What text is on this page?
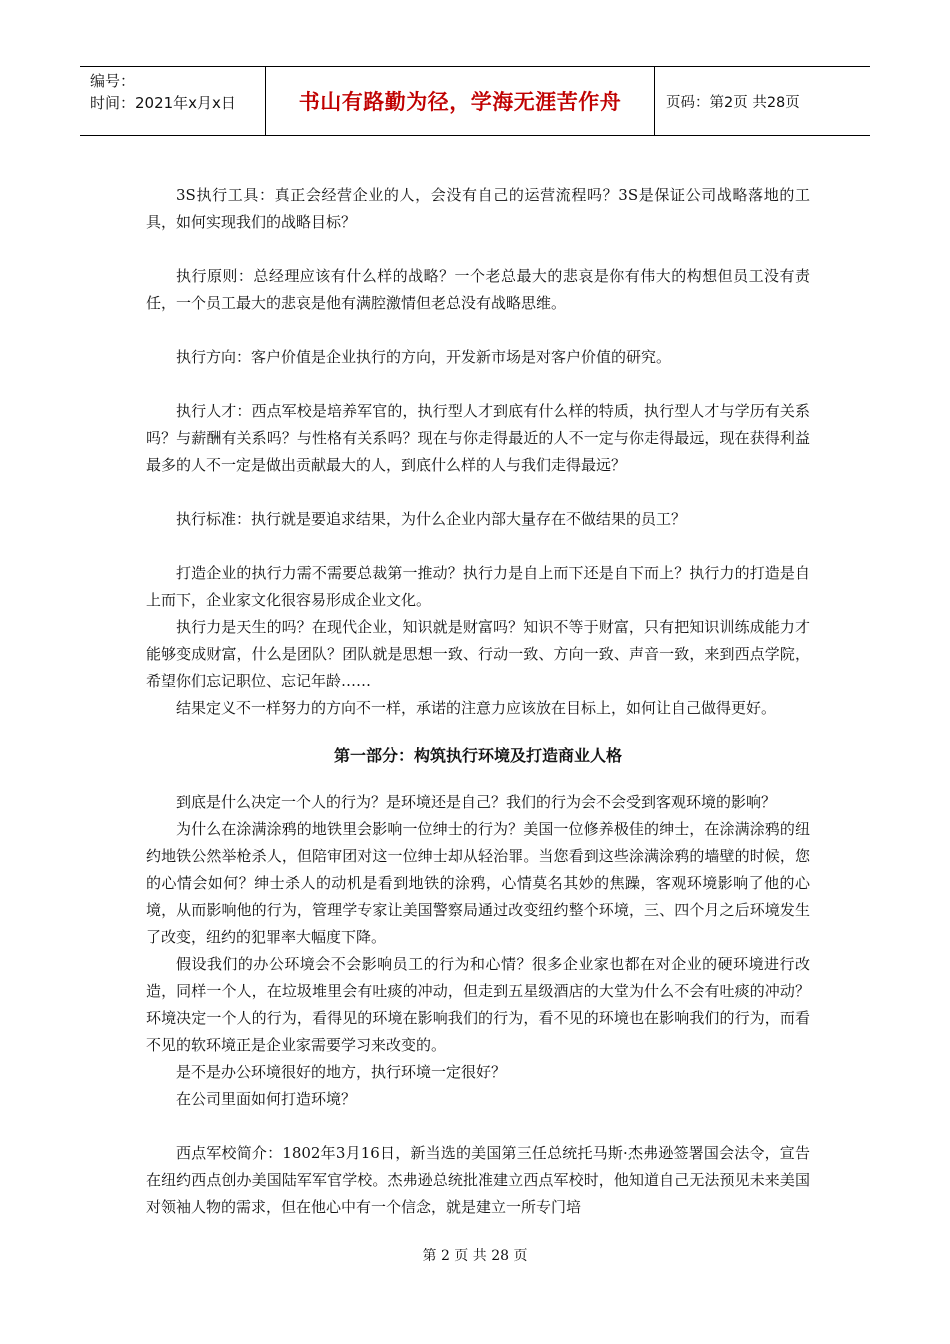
编号：
时间：2021年x月x日	书山有路勤为径，学海无涯苦作舟	页码：第2页 共28页

3S执行工具：真正会经营企业的人，会没有自己的运营流程吗？3S是保证公司战略落地的工具，如何实现我们的战略目标？

执行原则：总经理应该有什么样的战略？一个老总最大的悲哀是你有伟大的构想但员工没有责任，一个员工最大的悲哀是他有满腔激情但老总没有战略思维。

执行方向：客户价值是企业执行的方向，开发新市场是对客户价值的研究。

执行人才：西点军校是培养军官的，执行型人才到底有什么样的特质，执行型人才与学历有关系吗？与薪酬有关系吗？与性格有关系吗？现在与你走得最近的人不一定与你走得最远，现在获得利益最多的人不一定是做出贡献最大的人，到底什么样的人与我们走得最远？

执行标准：执行就是要追求结果，为什么企业内部大量存在不做结果的员工？

打造企业的执行力需不需要总裁第一推动？执行力是自上而下还是自下而上？执行力的打造是自上而下，企业家文化很容易形成企业文化。

执行力是天生的吗？在现代企业，知识就是财富吗？知识不等于财富，只有把知识训练成能力才能够变成财富，什么是团队？团队就是思想一致、行动一致、方向一致、声音一致，来到西点学院，希望你们忘记职位、忘记年龄……

结果定义不一样努力的方向不一样，承诺的注意力应该放在目标上，如何让自己做得更好。

第一部分：构筑执行环境及打造商业人格

到底是什么决定一个人的行为？是环境还是自己？我们的行为会不会受到客观环境的影响？

为什么在涂满涂鸦的地铁里会影响一位绅士的行为？美国一位修养极佳的绅士，在涂满涂鸦的纽约地铁公然举枪杀人，但陪审团对这一位绅士却从轻治罪。当您看到这些涂满涂鸦的墙壁的时候，您的心情会如何？绅士杀人的动机是看到地铁的涂鸦，心情莫名其妙的焦躁，客观环境影响了他的心境，从而影响他的行为，管理学专家让美国警察局通过改变纽约整个环境，三、四个月之后环境发生了改变，纽约的犯罪率大幅度下降。

假设我们的办公环境会不会影响员工的行为和心情？很多企业家也都在对企业的硬环境进行改造，同样一个人，在垃圾堆里会有吐痰的冲动，但走到五星级酒店的大堂为什么不会有吐痰的冲动？环境决定一个人的行为，看得见的环境在影响我们的行为，看不见的环境也在影响我们的行为，而看不见的软环境正是企业家需要学习来改变的。

是不是办公环境很好的地方，执行环境一定很好？

在公司里面如何打造环境？

西点军校简介：1802年3月16日，新当选的美国第三任总统托马斯·杰弗逊签署国会法令，宣告在纽约西点创办美国陆军军官学校。杰弗逊总统批准建立西点军校时，他知道自己无法预见未来美国对领袖人物的需求，但在他心中有一个信念，就是建立一所专门培

第 2 页 共 28 页
